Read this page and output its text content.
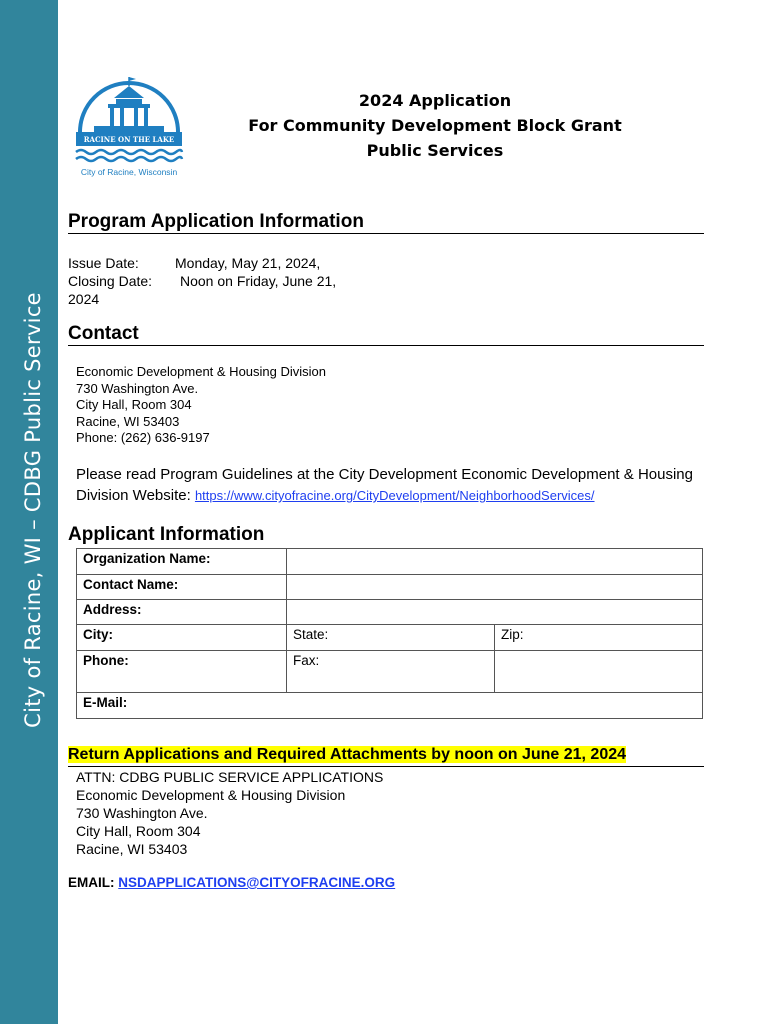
City of Racine, WI – CDBG Public Service
RACINE ON THE LAKE
City of Racine, Wisconsin
2024 Application
For Community Development Block Grant
Public Services
Program Application Information
Issue Date:	Monday, May 21, 2024,
Closing Date: Noon on Friday, June 21,
2024
Contact
Economic Development & Housing Division
730 Washington Ave.
City Hall, Room 304
Racine, WI 53403
Phone: (262) 636-9197
Please read Program Guidelines at the City Development Economic Development & Housing Division Website: https://www.cityofracine.org/CityDevelopment/NeighborhoodServices/
Applicant Information
Organization Name:		
Contact Name:		
Address:		
City:	State:	Zip:
Phone:	Fax:	
E-Mail:		
Return Applications and Required Attachments by noon on June 21, 2024
ATTN: CDBG PUBLIC SERVICE APPLICATIONS
Economic Development & Housing Division
730 Washington Ave.
City Hall, Room 304
Racine, WI 53403
EMAIL: NSDAPPLICATIONS@CITYOFRACINE.ORG
